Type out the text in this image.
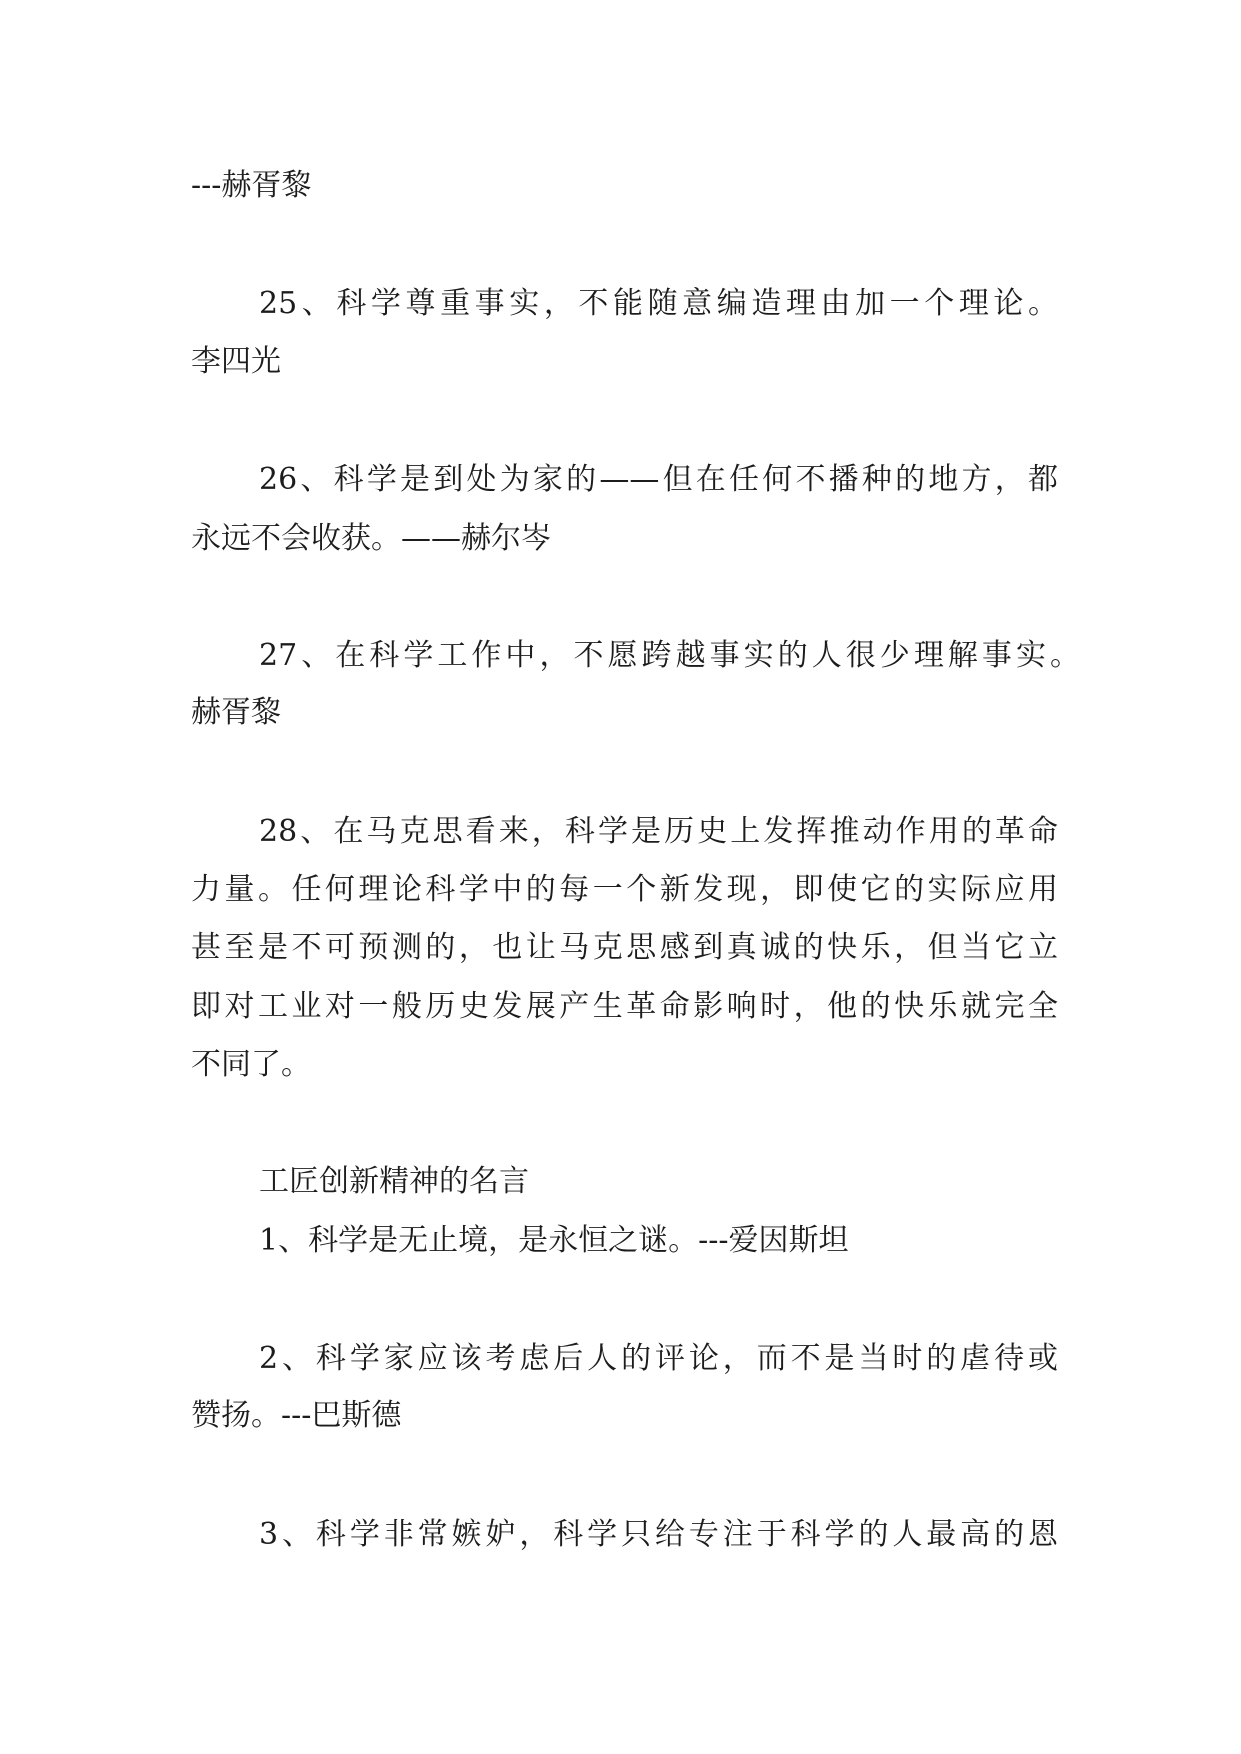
---赫胥黎
25、科学尊重事实，不能随意编造理由加一个理论。
李四光
26、科学是到处为家的——但在任何不播种的地方，都
永远不会收获。——赫尔岑
27、在科学工作中，不愿跨越事实的人很少理解事实。
赫胥黎
28、在马克思看来，科学是历史上发挥推动作用的革命
力量。任何理论科学中的每一个新发现，即使它的实际应用
甚至是不可预测的，也让马克思感到真诚的快乐，但当它立
即对工业对一般历史发展产生革命影响时，他的快乐就完全
不同了。
工匠创新精神的名言
1、科学是无止境，是永恒之谜。---爱因斯坦
2、科学家应该考虑后人的评论，而不是当时的虐待或
赞扬。---巴斯德
3、科学非常嫉妒，科学只给专注于科学的人最高的恩
